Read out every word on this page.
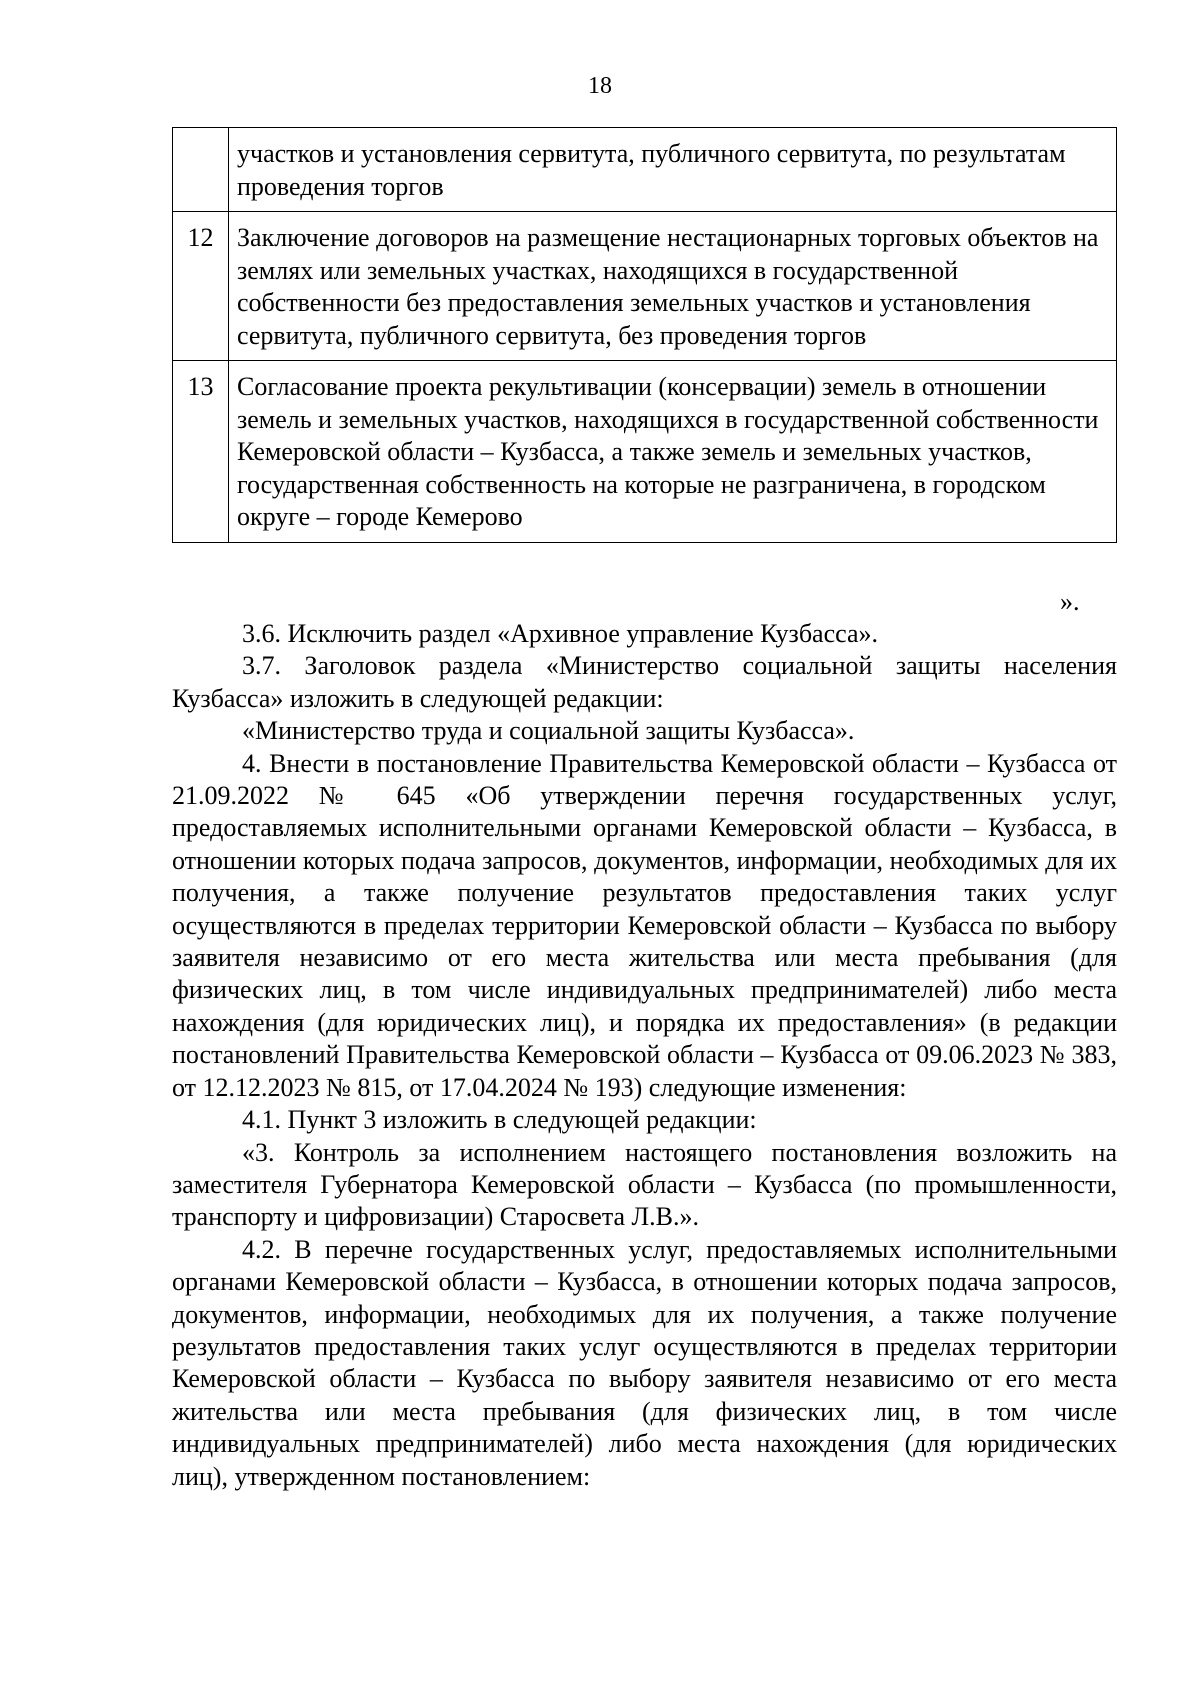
18
	участков и установления сервитута, публичного сервитута, по результатам проведения торгов
12	Заключение договоров на размещение нестационарных торговых объектов на землях или земельных участках, находящихся в государственной собственности без предоставления земельных участков и установления сервитута, публичного сервитута, без проведения торгов
13	Согласование проекта рекультивации (консервации) земель в отношении земель и земельных участков, находящихся в государственной собственности Кемеровской области – Кузбасса, а также земель и земельных участков, государственная собственность на которые не разграничена, в городском округе – городе Кемерово
».

3.6. Исключить раздел «Архивное управление Кузбасса».

3.7. Заголовок раздела «Министерство социальной защиты населения Кузбасса» изложить в следующей редакции:

«Министерство труда и социальной защиты Кузбасса».

4. Внести в постановление Правительства Кемеровской области – Кузбасса от 21.09.2022 № 645 «Об утверждении перечня государственных услуг, предоставляемых исполнительными органами Кемеровской области – Кузбасса, в отношении которых подача запросов, документов, информации, необходимых для их получения, а также получение результатов предоставления таких услуг осуществляются в пределах территории Кемеровской области – Кузбасса по выбору заявителя независимо от его места жительства или места пребывания (для физических лиц, в том числе индивидуальных предпринимателей) либо места нахождения (для юридических лиц), и порядка их предоставления» (в редакции постановлений Правительства Кемеровской области – Кузбасса от 09.06.2023 № 383, от 12.12.2023 № 815, от 17.04.2024 № 193) следующие изменения:

4.1. Пункт 3 изложить в следующей редакции:

«3. Контроль за исполнением настоящего постановления возложить на заместителя Губернатора Кемеровской области – Кузбасса (по промышленности, транспорту и цифровизации) Старосвета Л.В.».

4.2. В перечне государственных услуг, предоставляемых исполнительными органами Кемеровской области – Кузбасса, в отношении которых подача запросов, документов, информации, необходимых для их получения, а также получение результатов предоставления таких услуг осуществляются в пределах территории Кемеровской области – Кузбасса по выбору заявителя независимо от его места жительства или места пребывания (для физических лиц, в том числе индивидуальных предпринимателей) либо места нахождения (для юридических лиц), утвержденном постановлением:
